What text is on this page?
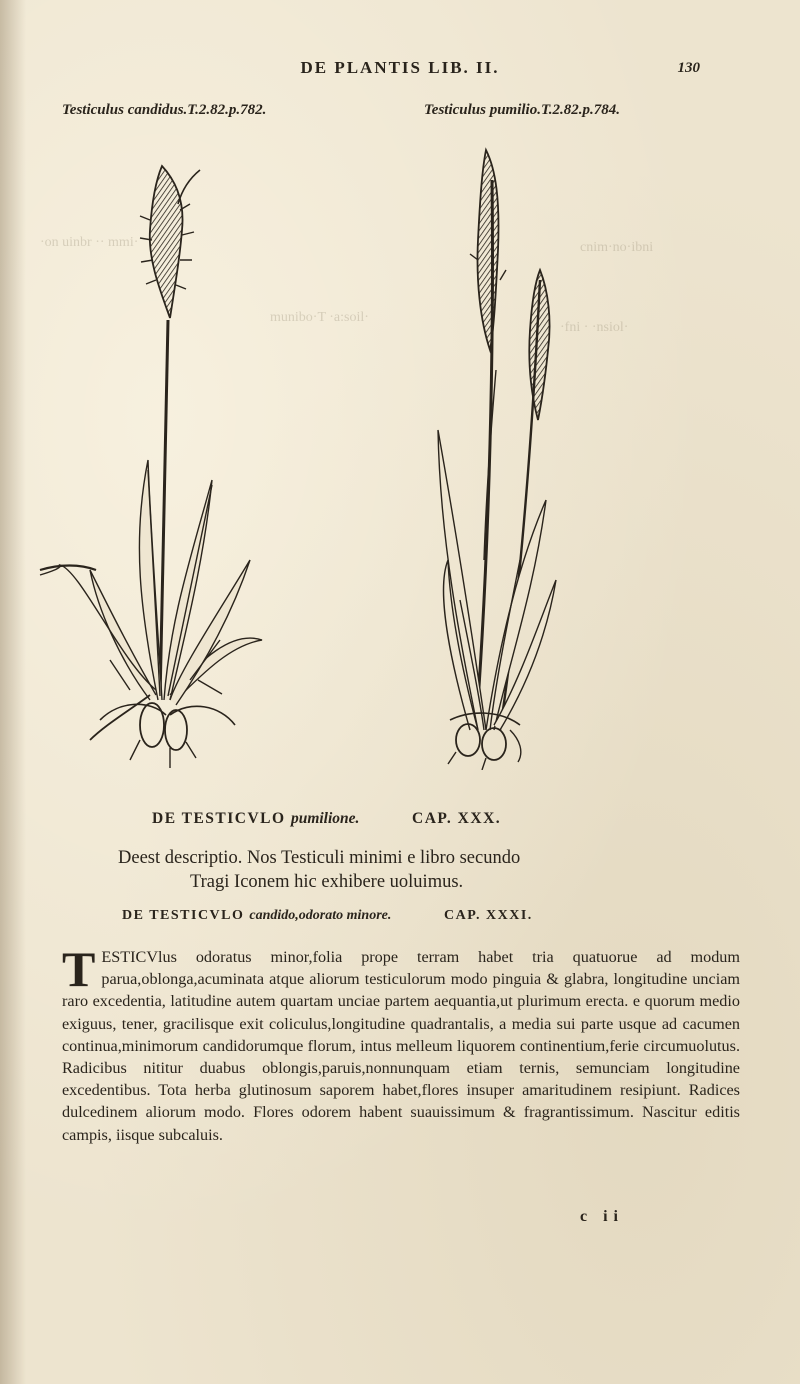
·on uinbr ·· mmi·	cnim·no·ibni
·fni · ·nsiol·
munibo·T ·a:soil·
DE PLANTIS LIB. II.	130
Testiculus candidus.T.2.82.p.782.	Testiculus pumilio.T.2.82.p.784.
DE TESTICVLO pumilione.	CAP. XXX.
Deest descriptio. Nos Testiculi minimi e libro secundo
Tragi Iconem hic exhibere uoluimus.
DE TESTICVLO candido,odorato minore.	CAP. XXXI.
T ESTICVlus odoratus minor,folia prope terram habet tria quatuorue ad modum parua,oblonga,acuminata atque aliorum testiculorum modo pinguia & glabra, longitudine unciam raro excedentia, latitudine autem quartam unciae partem aequantia,ut plurimum erecta. e quorum medio exiguus, tener, gracilisque exit coliculus,longitudine quadrantalis, a media sui parte usque ad cacumen continua,minimorum candidorumque florum, intus melleum liquorem continentium,ferie circumuolutus. Radicibus nititur duabus oblongis,paruis,nonnunquam etiam ternis, semunciam longitudine excedentibus. Tota herba glutinosum saporem habet,flores insuper amaritudinem resipiunt. Radices dulcedinem aliorum modo. Flores odorem habent suauissimum & fragrantissimum. Nascitur editis campis, iisque subcaluis.
c ii
